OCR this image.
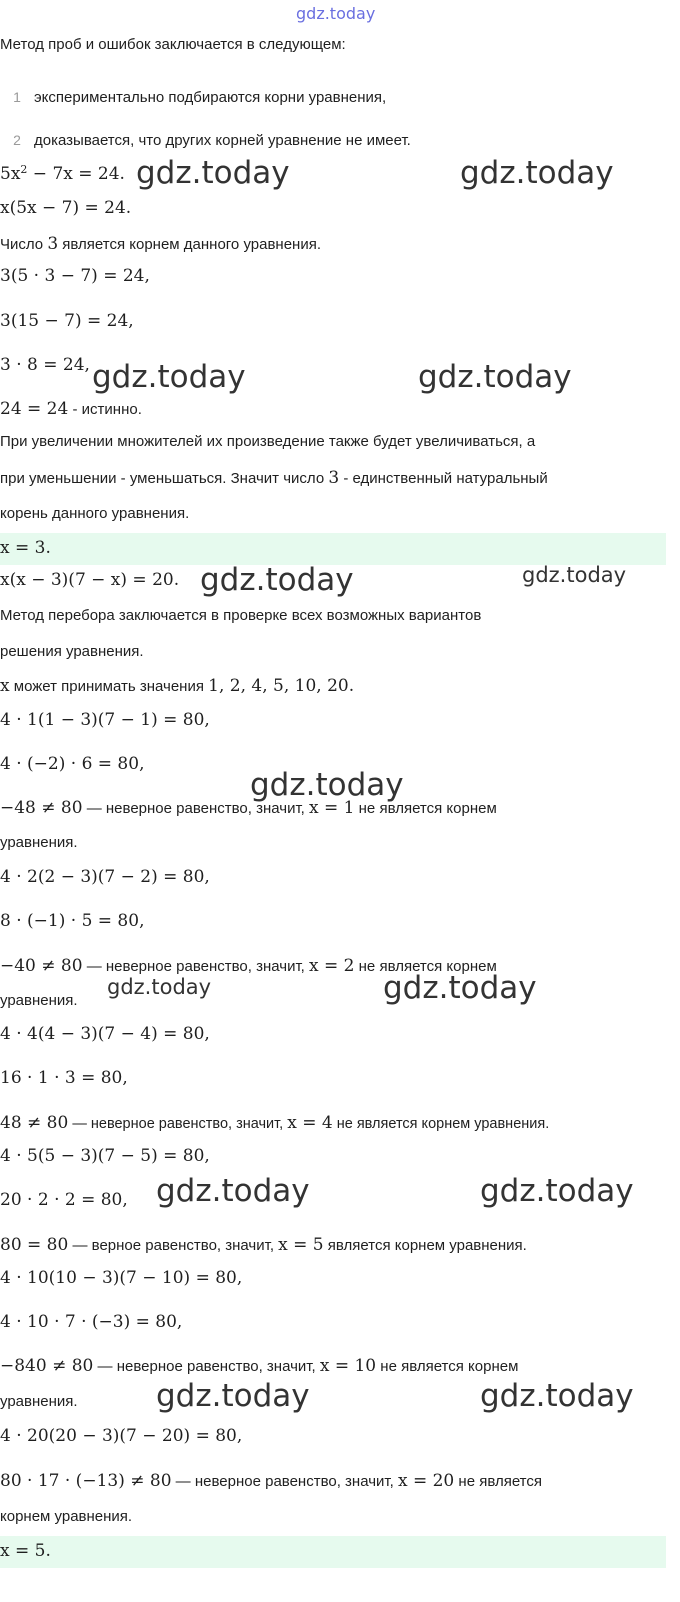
gdz.today
Метод проб и ошибок заключается в следующем:
1 экспериментально подбираются корни уравнения,
2 доказывается, что других корней уравнение не имеет.
$5x^2 - 7x = 24$.
x(5x − 7) = 24.
Число 3 является корнем данного уравнения.
3(5 · 3 − 7) = 24,
3(15 − 7) = 24,
3 · 8 = 24,
24 = 24 - истинно.
При увеличении множителей их произведение также будет увеличиваться, а
при уменьшении - уменьшаться. Значит число 3 - единственный натуральный
корень данного уравнения.
x = 3.
x(x − 3)(7 − x) = 20.
Метод перебора заключается в проверке всех возможных вариантов
решения уравнения.
x может принимать значения 1, 2, 4, 5, 10, 20.
4 · 1(1 − 3)(7 − 1) = 80,
4 · (−2) · 6 = 80,
−48 ≠ 80 — неверное равенство, значит, x = 1 не является корнем
уравнения.
4 · 2(2 − 3)(7 − 2) = 80,
8 · (−1) · 5 = 80,
−40 ≠ 80 — неверное равенство, значит, x = 2 не является корнем
уравнения.
4 · 4(4 − 3)(7 − 4) = 80,
16 · 1 · 3 = 80,
48 ≠ 80 — неверное равенство, значит, x = 4 не является корнем уравнения.
4 · 5(5 − 3)(7 − 5) = 80,
20 · 2 · 2 = 80,
80 = 80 — верное равенство, значит, x = 5 является корнем уравнения.
4 · 10(10 − 3)(7 − 10) = 80,
4 · 10 · 7 · (−3) = 80,
−840 ≠ 80 — неверное равенство, значит, x = 10 не является корнем
уравнения.
4 · 20(20 − 3)(7 − 20) = 80,
80 · 17 · (−13) ≠ 80 — неверное равенство, значит, x = 20 не является
корнем уравнения.
x = 5.
gdz.today	gdz.today
gdz.today	gdz.today
gdz.today	gdz.today
gdz.today
gdz.today	gdz.today
gdz.today	gdz.today
gdz.today	gdz.today
